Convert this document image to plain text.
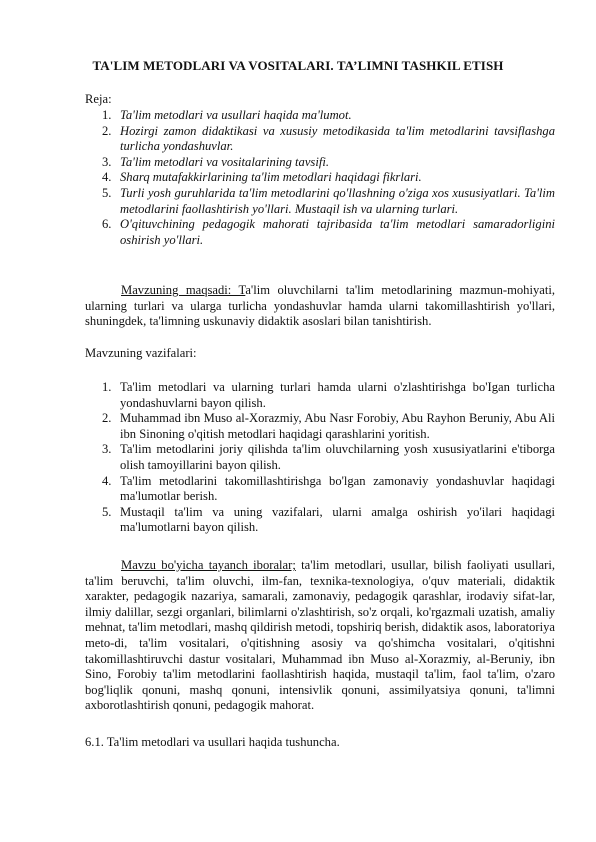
TA'LIM METODLARI VA VOSITALARI. TA’LIMNI TASHKIL ETISH
Reja:
1. Ta'lim metodlari va usullari haqida ma'lumot.
2. Hozirgi zamon didaktikasi va xususiy metodikasida ta'lim metodlarini tavsiflashga turlicha yondashuvlar.
3. Ta'lim metodlari va vositalarining tavsifi.
4. Sharq mutafakkirlarining ta'lim metodlari haqidagi fikrlari.
5. Turli yosh guruhlarida ta'lim metodlarini qo'llashning o'ziga xos xususiyatlari. Ta'lim metodlarini faollashtirish yo'llari. Mustaqil ish va ularning turlari.
6. O'qituvchining pedagogik mahorati tajribasida ta'lim metodlari samaradorligini oshirish yo'llari.
Mavzuning maqsadi: Ta'lim oluvchilarni ta'lim metodlarining mazmun-mohiyati, ularning turlari va ularga turlicha yondashuvlar hamda ularni takomillashtirish yo'llari, shuningdek, ta'limning uskunaviy didaktik asoslari bilan tanishtirish.
Mavzuning vazifalari:
1. Ta'lim metodlari va ularning turlari hamda ularni o'zlashtirishga bo'Igan turlicha yondashuvlarni bayon qilish.
2. Muhammad ibn Muso al-Xorazmiy, Abu Nasr Forobiy, Abu Rayhon Beruniy, Abu Ali ibn Sinoning o'qitish metodlari haqidagi qarashlarini yoritish.
3. Ta'lim metodlarini joriy qilishda ta'lim oluvchilarning yosh xususiyatlarini e'tiborga olish tamoyillarini bayon qilish.
4. Ta'lim metodlarini takomillashtirishga bo'lgan zamonaviy yondashuvlar haqidagi ma'lumotlar berish.
5. Mustaqil ta'lim va uning vazifalari, ularni amalga oshirish yo'ilari haqidagi ma'lumotlarni bayon qilish.
Mavzu bo'yicha tayanch iboralar; ta'lim metodlari, usullar, bilish faoliyati usullari, ta'lim beruvchi, ta'lim oluvchi, ilm-fan, texnika-texnologiya, o'quv materiali, didaktik xarakter, pedagogik nazariya, samarali, zamonaviy, pedagogik qarashlar, irodaviy sifat-lar, ilmiy dalillar, sezgi organlari, bilimlarni o'zlashtirish, so'z orqali, ko'rgazmali uzatish, amaliy mehnat, ta'lim metodlari, mashq qildirish metodi, topshiriq berish, didaktik asos, laboratoriya meto-di, ta'lim vositalari, o'qitishning asosiy va qo'shimcha vositalari, o'qitishni takomillashtiruvchi dastur vositalari, Muhammad ibn Muso al-Xorazmiy, al-Beruniy, ibn Sino, Forobiy ta'lim metodlarini faollashtirish haqida, mustaqil ta'lim, faol ta'lim, o'zaro bog'liqlik qonuni, mashq qonuni, intensivlik qonuni, assimilyatsiya qonuni, ta'limni axborotlashtirish qonuni, pedagogik mahorat.
6.1. Ta'lim metodlari va usullari haqida tushuncha.
